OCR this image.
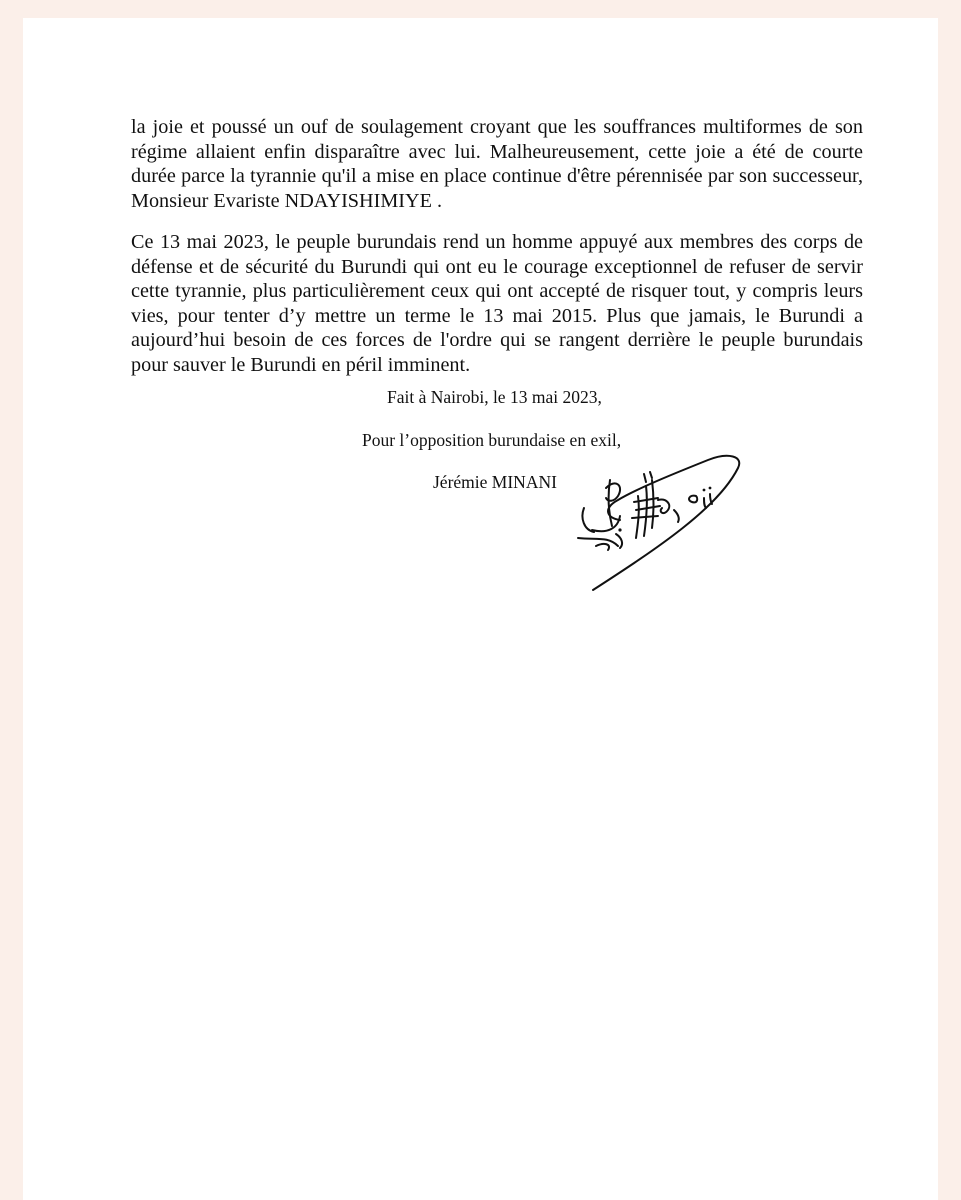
la joie et poussé un ouf de soulagement croyant que les souffrances multiformes de son régime allaient enfin disparaître avec lui. Malheureusement, cette joie a été de courte durée parce la tyrannie qu'il a mise en place continue d'être pérennisée par son successeur, Monsieur Evariste NDAYISHIMIYE .

Ce 13 mai 2023, le peuple burundais rend un homme appuyé aux membres des corps de défense et de sécurité du Burundi qui ont eu le courage exceptionnel de refuser de servir cette tyrannie, plus particulièrement ceux qui ont accepté de risquer tout, y compris leurs vies, pour tenter d’y mettre un terme le 13 mai 2015. Plus que jamais, le Burundi a aujourd’hui besoin de ces forces de l'ordre qui se rangent derrière le peuple burundais pour sauver le Burundi en péril imminent.

Fait à Nairobi, le 13 mai 2023,

Pour l’opposition burundaise en exil,

Jérémie MINANI
